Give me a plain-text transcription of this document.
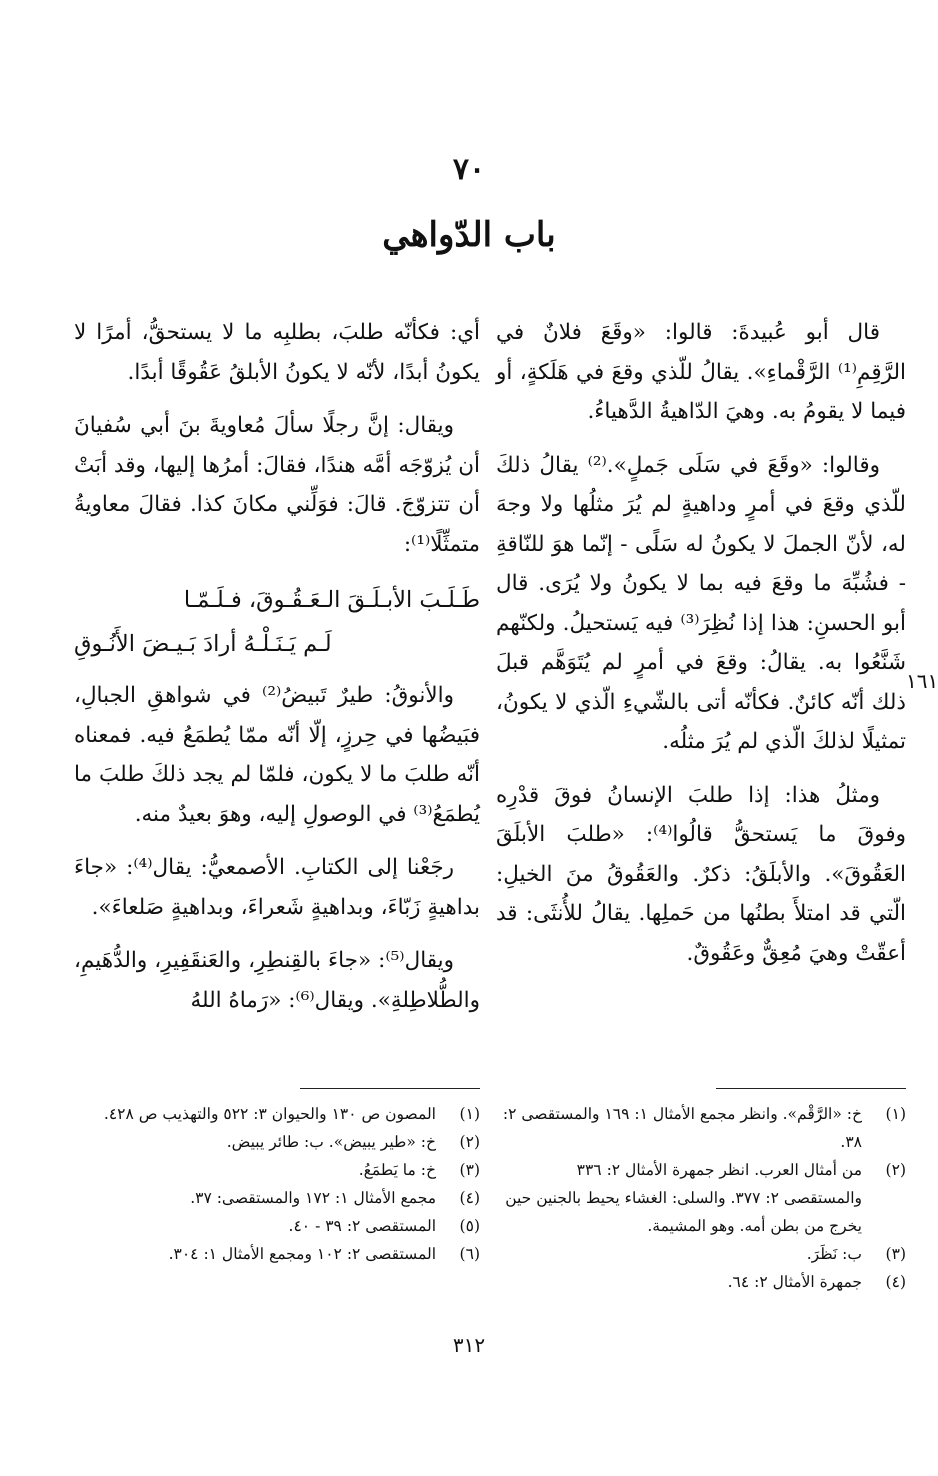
٧٠
باب الدّواهي

قال أبو عُبيدةَ: قالوا: «وقَعَ فلانٌ في الرَّقِمِ⁽¹⁾ الرَّقْماءِ». يقالُ للّذي وقعَ في هَلَكةٍ، أو فيما لا يقومُ به. وهيَ الدّاهيةُ الدَّهياءُ.

وقالوا: «وقَعَ في سَلَى جَملٍ».⁽²⁾ يقالُ ذلكَ للّذي وقعَ في أمرٍ وداهيةٍ لم يُرَ مثلُها ولا وجهَ له، لأنّ الجملَ لا يكونُ له سَلًى - إنّما هوَ للنّاقةِ - فشُبِّهَ ما وقعَ فيه بما لا يكونُ ولا يُرَى. قال أبو الحسنِ: هذا إذا نُظِرَ⁽³⁾ فيه يَستحيلُ. ولكنّهم شَنَّعُوا به. يقالُ: وقعَ في أمرٍ لم يُتَوَهَّم قبلَ ذلك أنّه كائنٌ. فكأنّه أتى بالشّيءِ الّذي لا يكونُ، تمثيلًا لذلكَ الّذي لم يُرَ مثلُه.

ومثلُ هذا: إذا طلبَ الإنسانُ فوقَ قدْرِه وفوقَ ما يَستحقُّ قالُوا⁽⁴⁾: «طلبَ الأبلَقَ العَقُوقَ». والأبلَقُ: ذكرٌ. والعَقُوقُ منَ الخيلِ: الّتي قد امتلأَ بطنُها من حَملِها. يقالُ للأُنثَى: قد أعقّتْ وهيَ مُعِقٌّ وعَقُوقٌ.

١٦١

أي: فكأنّه طلبَ، بطلبِه ما لا يستحقُّ، أمرًا لا يكونُ أبدًا، لأنّه لا يكونُ الأبلقُ عَقُوقًا أبدًا.

ويقال: إنَّ رجلًا سألَ مُعاويةَ بنَ أبي سُفيانَ أن يُزوّجَه أمَّه هندًا، فقالَ: أمرُها إليها، وقد أبَتْ أن تتزوّجَ. قالَ: فوَلِّني مكانَ كذا. فقالَ معاويةُ متمثِّلًا⁽¹⁾:

طَـلَـبَ الأبـلَـقَ الـعَـقُـوقَ، فـلَـمّـا
لَـم يَـنَـلْـهُ أرادَ بَـيـضَ الأَنُـوقِ

والأنوقُ: طيرٌ تَبيضُ⁽²⁾ في شواهقِ الجبالِ، فبَيضُها في حِرزٍ، إلّا أنّه ممّا يُطمَعُ فيه. فمعناه أنّه طلبَ ما لا يكون، فلمّا لم يجد ذلكَ طلبَ ما يُطمَعُ⁽³⁾ في الوصولِ إليه، وهوَ بعيدٌ منه.

رجَعْنا إلى الكتابِ. الأصمعيُّ: يقال⁽⁴⁾: «جاءَ بداهيةٍ زَبّاءَ، وبداهيةٍ شَعراءَ، وبداهيةٍ صَلعاءَ».

ويقال⁽⁵⁾: «جاءَ بالقِنطِرِ، والعَنقَفِيرِ، والدُّهَيمِ، والطُّلاطِلةِ». ويقال⁽⁶⁾: «رَماهُ اللهُ

(١)
خ: «الرَّقْم». وانظر مجمع الأمثال ١: ١٦٩ والمستقصى ٢: ٣٨.
(٢)
من أمثال العرب. انظر جمهرة الأمثال ٢: ٣٣٦ والمستقصى ٢: ٣٧٧. والسلى: الغشاء يحيط بالجنين حين يخرج من بطن أمه. وهو المشيمة.
(٣)
ب: نَظَرَ.
(٤)
جمهرة الأمثال ٢: ٦٤.
(١)
المصون ص ١٣٠ والحيوان ٣: ٥٢٢ والتهذيب ص ٤٢٨.
(٢)
خ: «طير يبيض». ب: طائر يبيض.
(٣)
خ: ما يَطمَعُ.
(٤)
مجمع الأمثال ١: ١٧٢ والمستقصى: ٣٧.
(٥)
المستقصى ٢: ٣٩ - ٤٠.
(٦)
المستقصى ٢: ١٠٢ ومجمع الأمثال ١: ٣٠٤.
٣١٢
